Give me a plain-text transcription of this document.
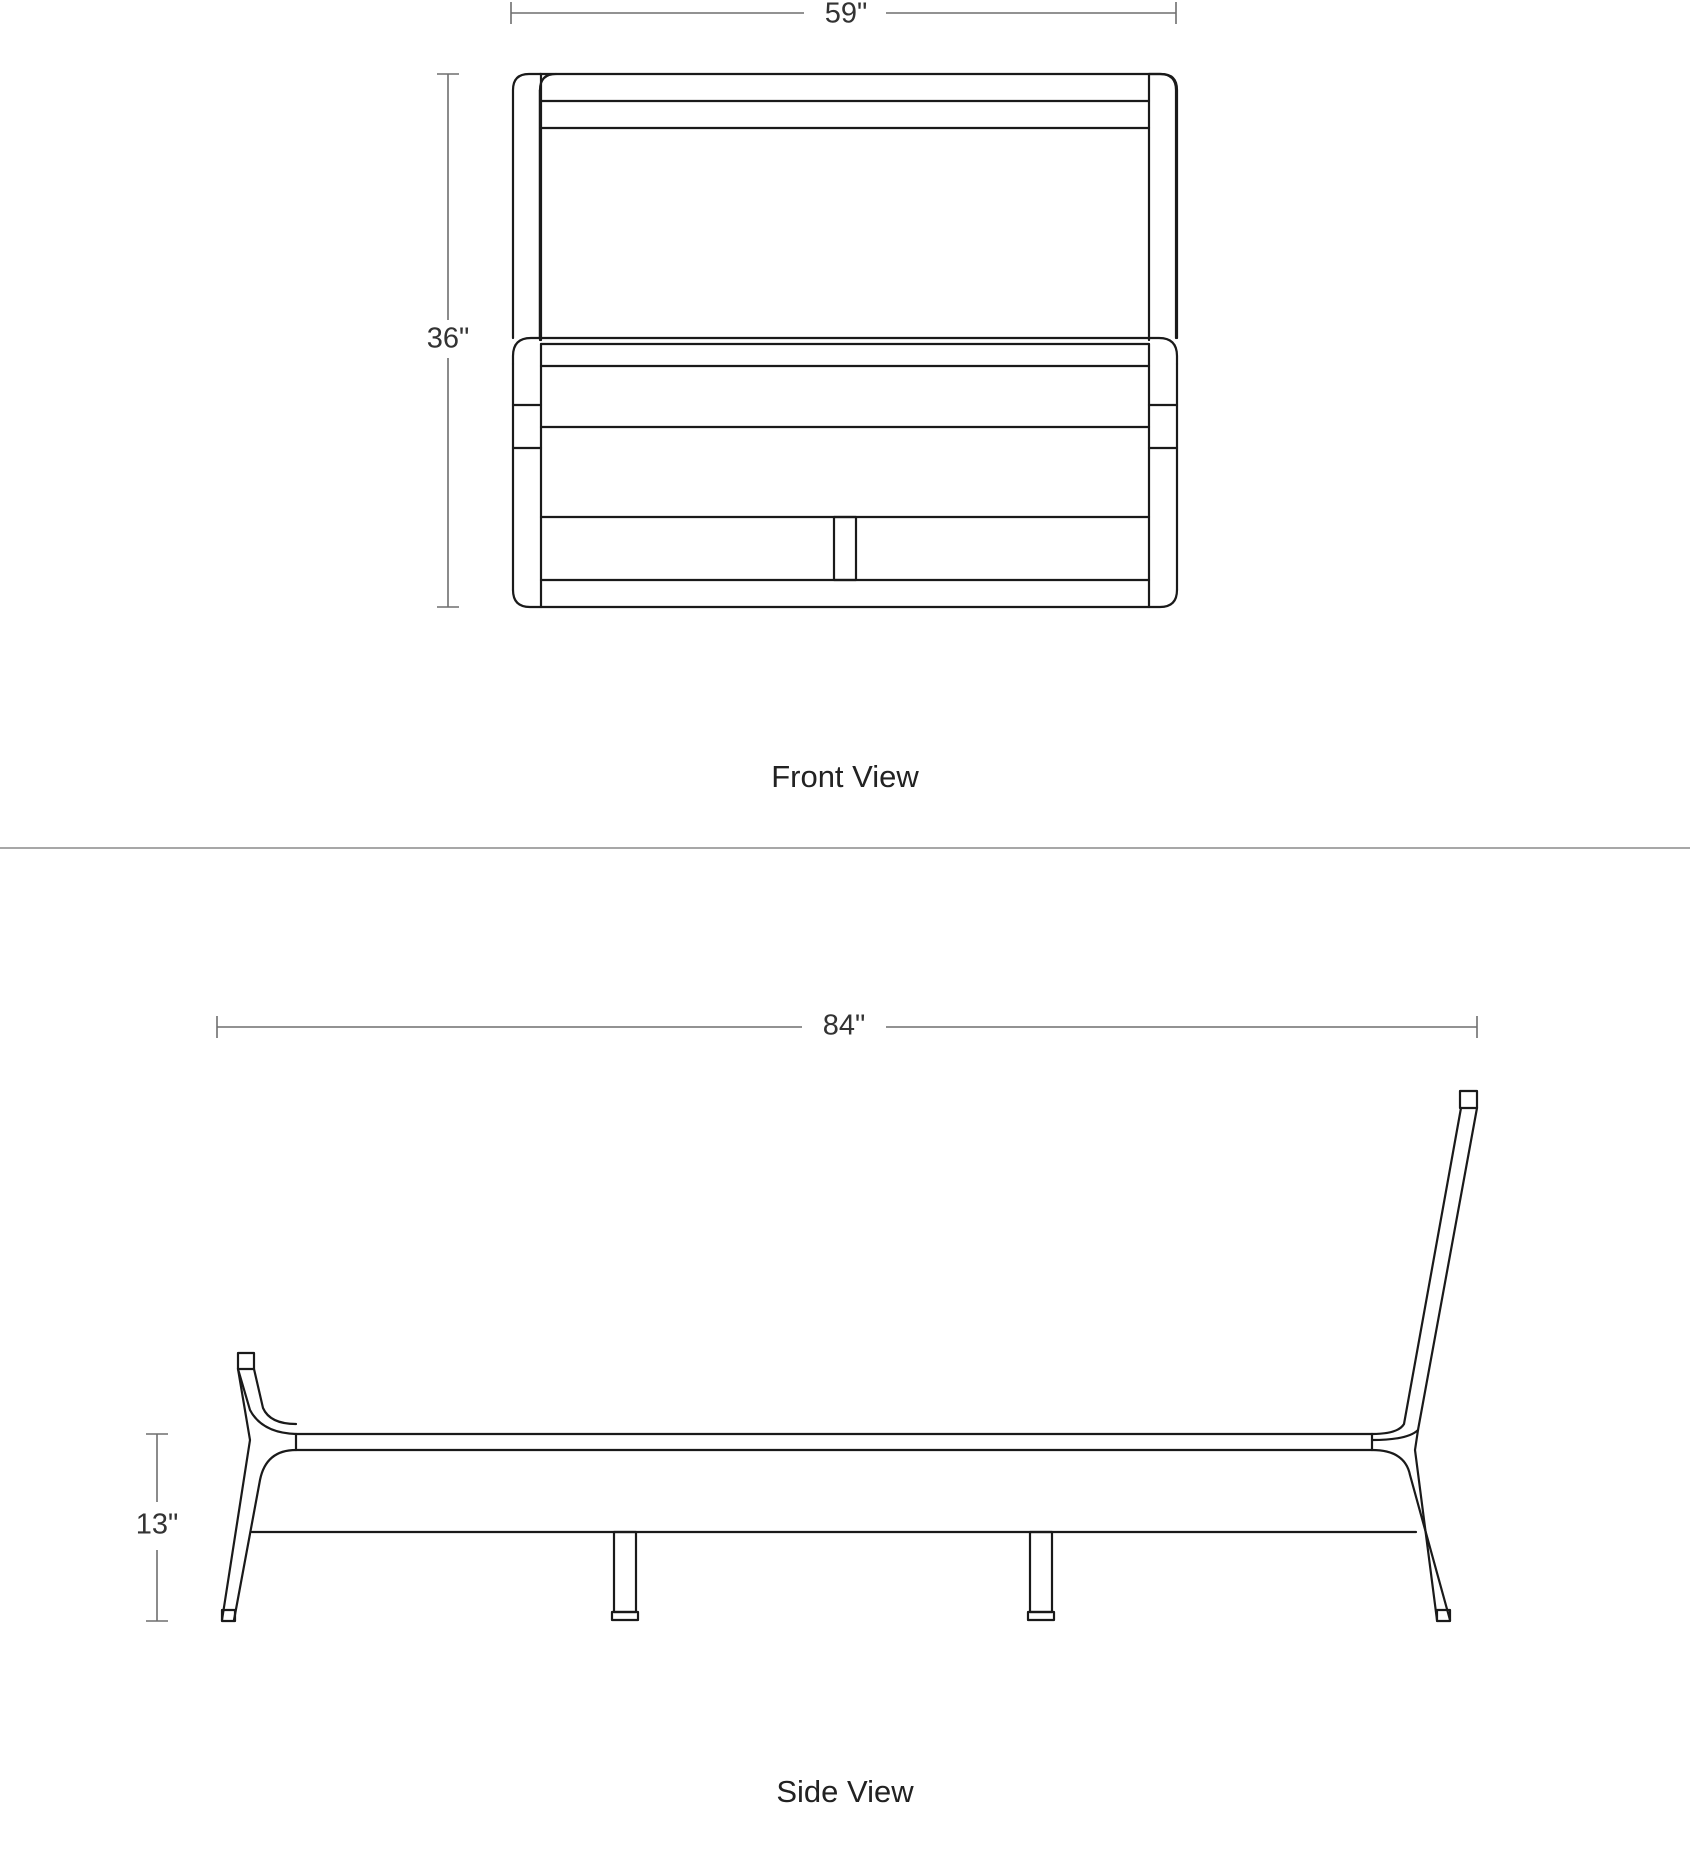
59"
36"
Front View
84"
13"
Side View
